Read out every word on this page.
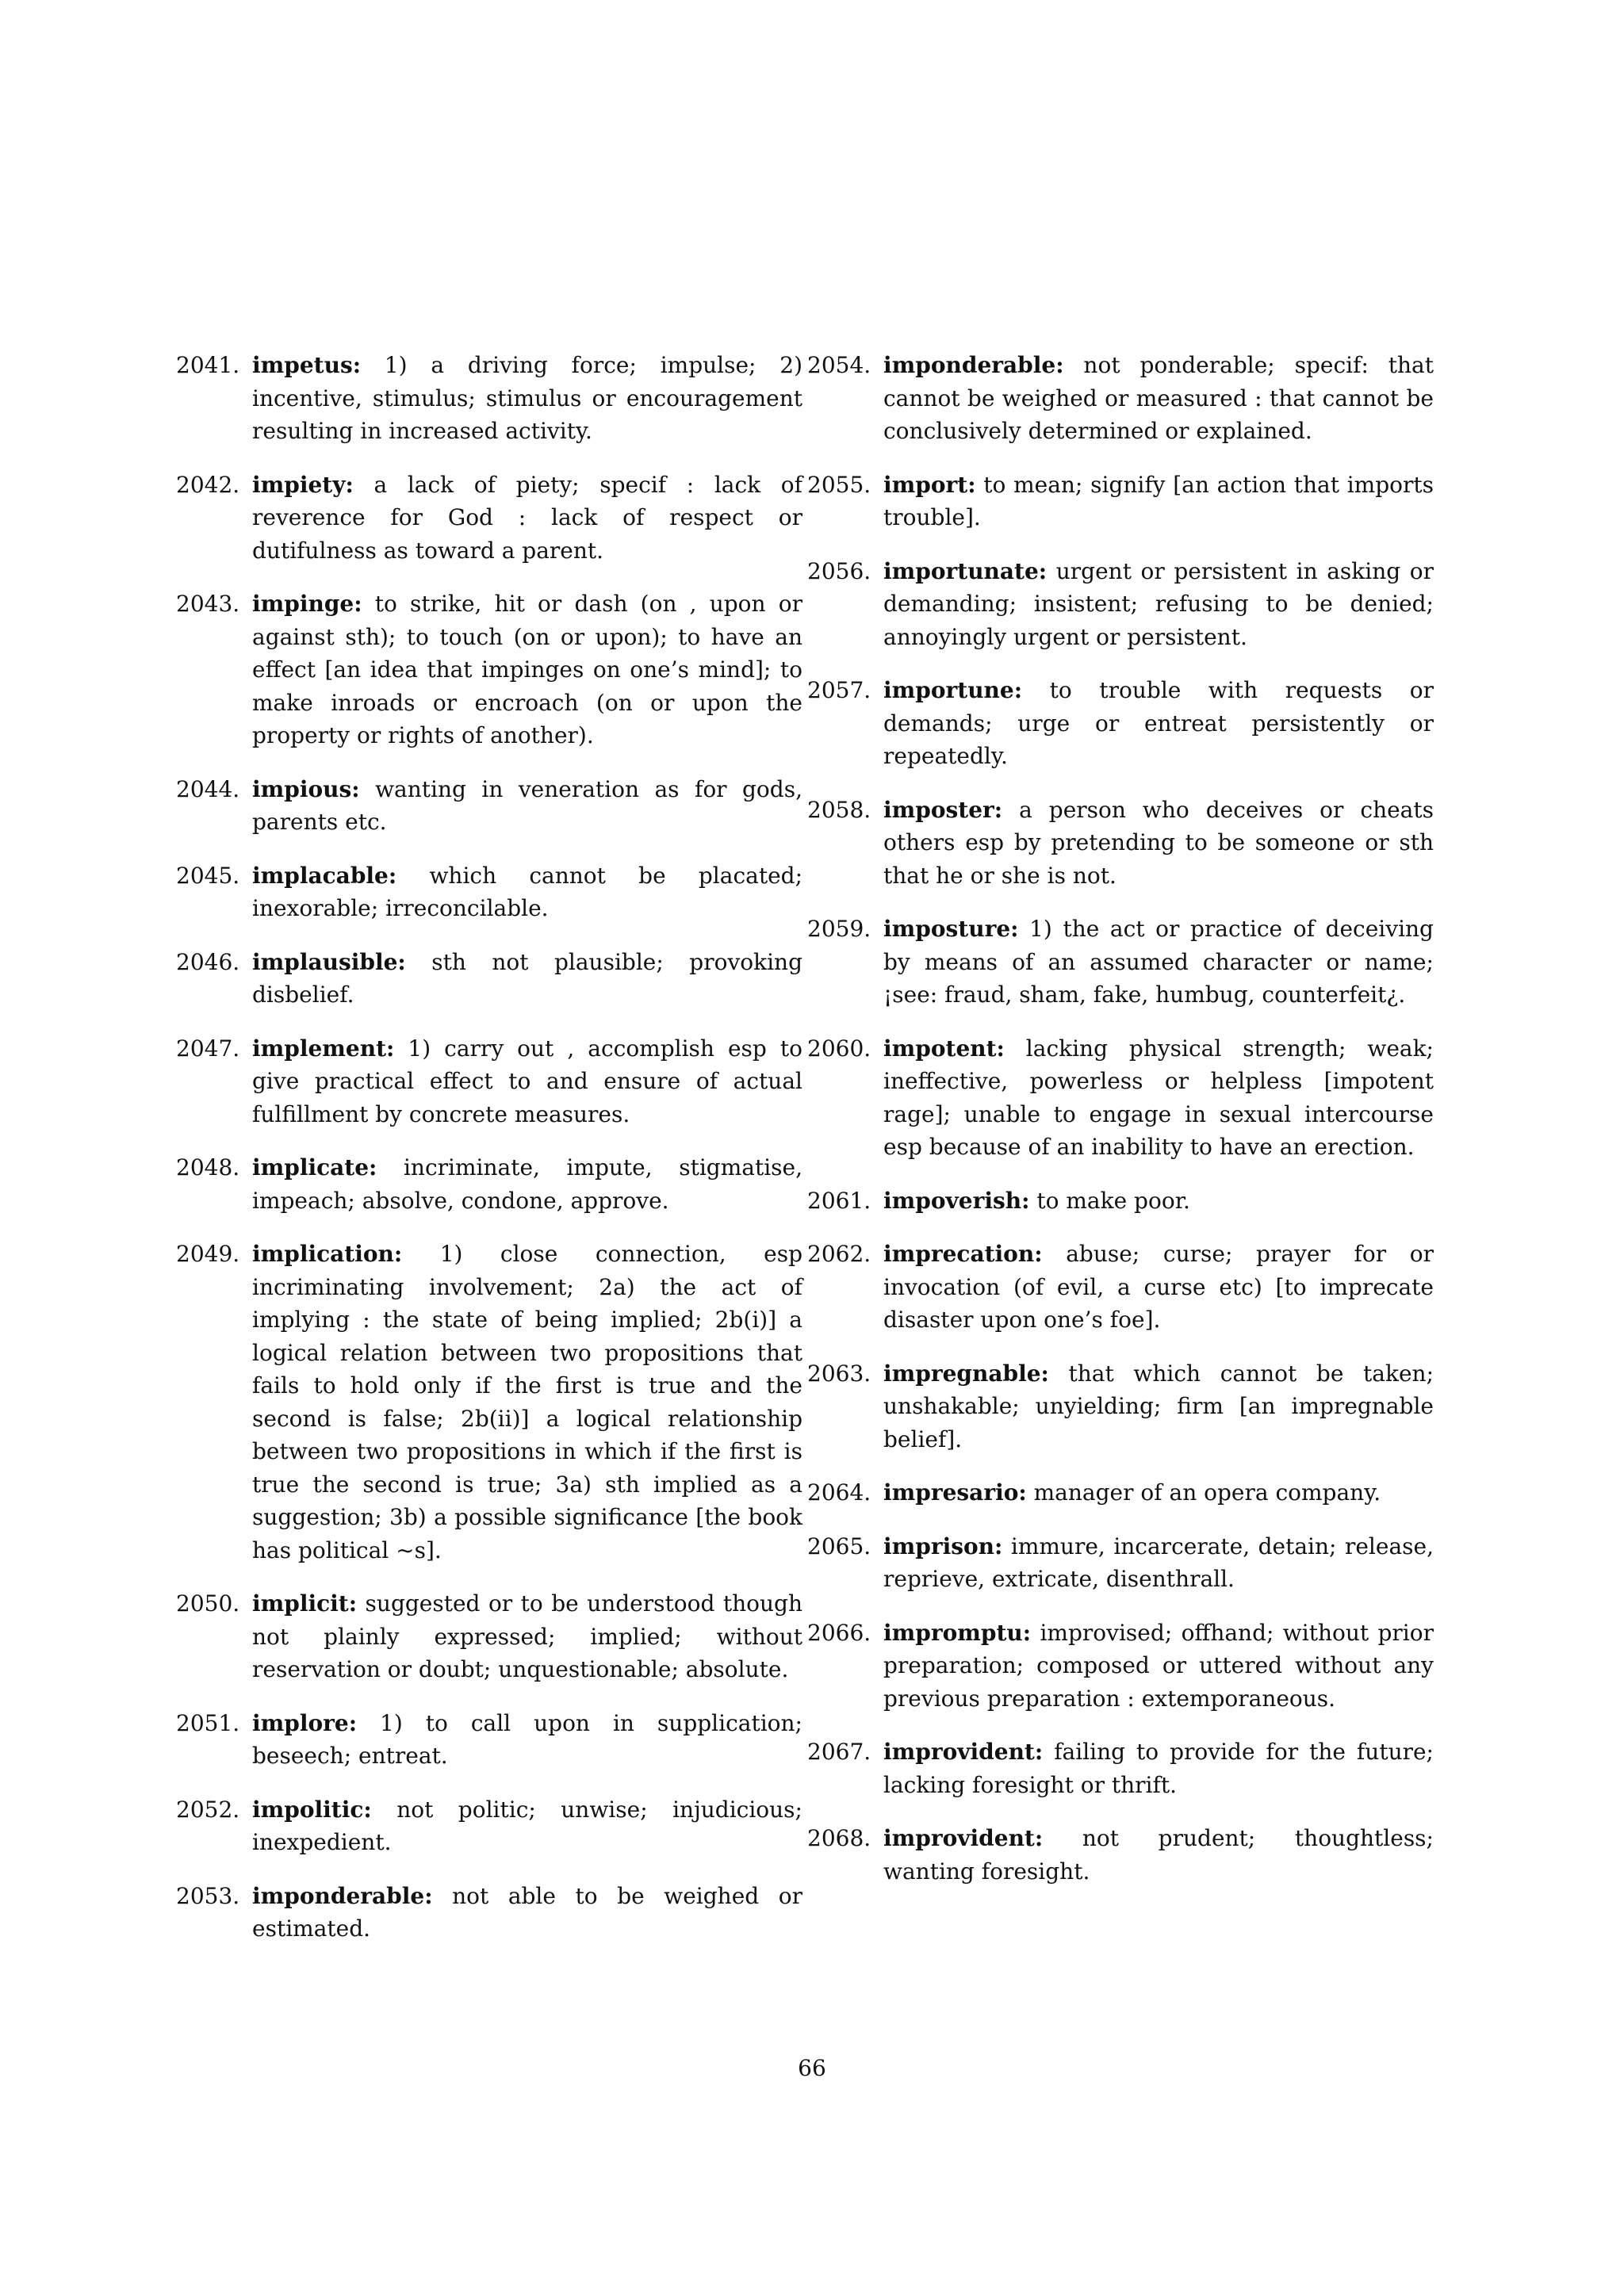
2041. impetus: 1) a driving force; impulse; 2) incentive, stimulus; stimulus or encouragement resulting in increased activity.
2042. impiety: a lack of piety; specif : lack of reverence for God : lack of respect or dutifulness as toward a parent.
2043. impinge: to strike, hit or dash (on , upon or against sth); to touch (on or upon); to have an effect [an idea that impinges on one’s mind]; to make inroads or encroach (on or upon the property or rights of another).
2044. impious: wanting in veneration as for gods, parents etc.
2045. implacable: which cannot be placated; inexorable; irreconcilable.
2046. implausible: sth not plausible; provoking disbelief.
2047. implement: 1) carry out , accomplish esp to give practical effect to and ensure of actual fulfillment by concrete measures.
2048. implicate: incriminate, impute, stigmatise, impeach; absolve, condone, approve.
2049. implication: 1) close connection, esp incriminating involvement; 2a) the act of implying : the state of being implied; 2b(i)] a logical relation between two propositions that fails to hold only if the first is true and the second is false; 2b(ii)] a logical relationship between two propositions in which if the first is true the second is true; 3a) sth implied as a suggestion; 3b) a possible significance [the book has political ∼s].
2050. implicit: suggested or to be understood though not plainly expressed; implied; without reservation or doubt; unquestionable; absolute.
2051. implore: 1) to call upon in supplication; beseech; entreat.
2052. impolitic: not politic; unwise; injudicious; inexpedient.
2053. imponderable: not able to be weighed or estimated.
2054. imponderable: not ponderable; specif: that cannot be weighed or measured : that cannot be conclusively determined or explained.
2055. import: to mean; signify [an action that imports trouble].
2056. importunate: urgent or persistent in asking or demanding; insistent; refusing to be denied; annoyingly urgent or persistent.
2057. importune: to trouble with requests or demands; urge or entreat persistently or repeatedly.
2058. imposter: a person who deceives or cheats others esp by pretending to be someone or sth that he or she is not.
2059. imposture: 1) the act or practice of deceiving by means of an assumed character or name; ¡see: fraud, sham, fake, humbug, counterfeit¿.
2060. impotent: lacking physical strength; weak; ineffective, powerless or helpless [impotent rage]; unable to engage in sexual intercourse esp because of an inability to have an erection.
2061. impoverish: to make poor.
2062. imprecation: abuse; curse; prayer for or invocation (of evil, a curse etc) [to imprecate disaster upon one’s foe].
2063. impregnable: that which cannot be taken; unshakable; unyielding; firm [an impregnable belief].
2064. impresario: manager of an opera company.
2065. imprison: immure, incarcerate, detain; release, reprieve, extricate, disenthrall.
2066. impromptu: improvised; offhand; without prior preparation; composed or uttered without any previous preparation : extemporaneous.
2067. improvident: failing to provide for the future; lacking foresight or thrift.
2068. improvident: not prudent; thoughtless; wanting foresight.
66
